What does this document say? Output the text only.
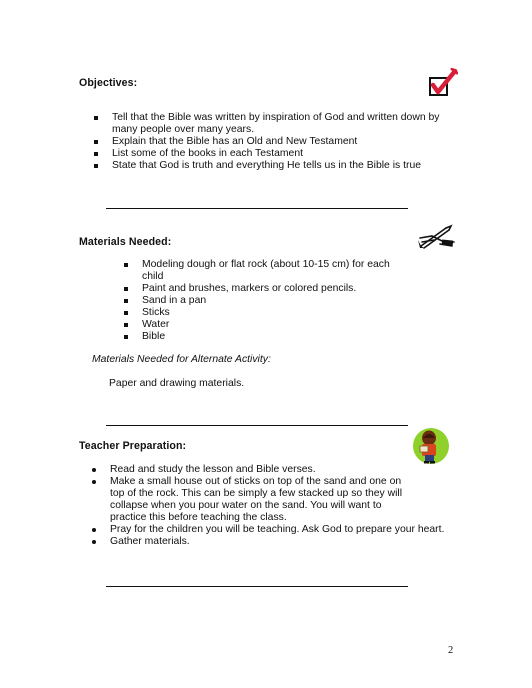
Objectives:
Tell that the Bible was written by inspiration of God and written down by many people over many years.
Explain that the Bible has an Old and New Testament
List some of the books in each Testament
State that God is truth and everything He tells us in the Bible is true
Materials Needed:
Modeling dough or flat rock (about 10-15 cm) for each child
Paint and brushes, markers or colored pencils.
Sand in a pan
Sticks
Water
Bible
Materials Needed for Alternate Activity:
Paper and drawing materials.
Teacher Preparation:
Read and study the lesson and Bible verses.
Make a small house out of sticks on top of the sand and one on top of the rock. This can be simply a few stacked up so they will collapse when you pour water on the sand. You will want to practice this before teaching the class.
Pray for the children you will be teaching. Ask God to prepare your heart.
Gather materials.
2
